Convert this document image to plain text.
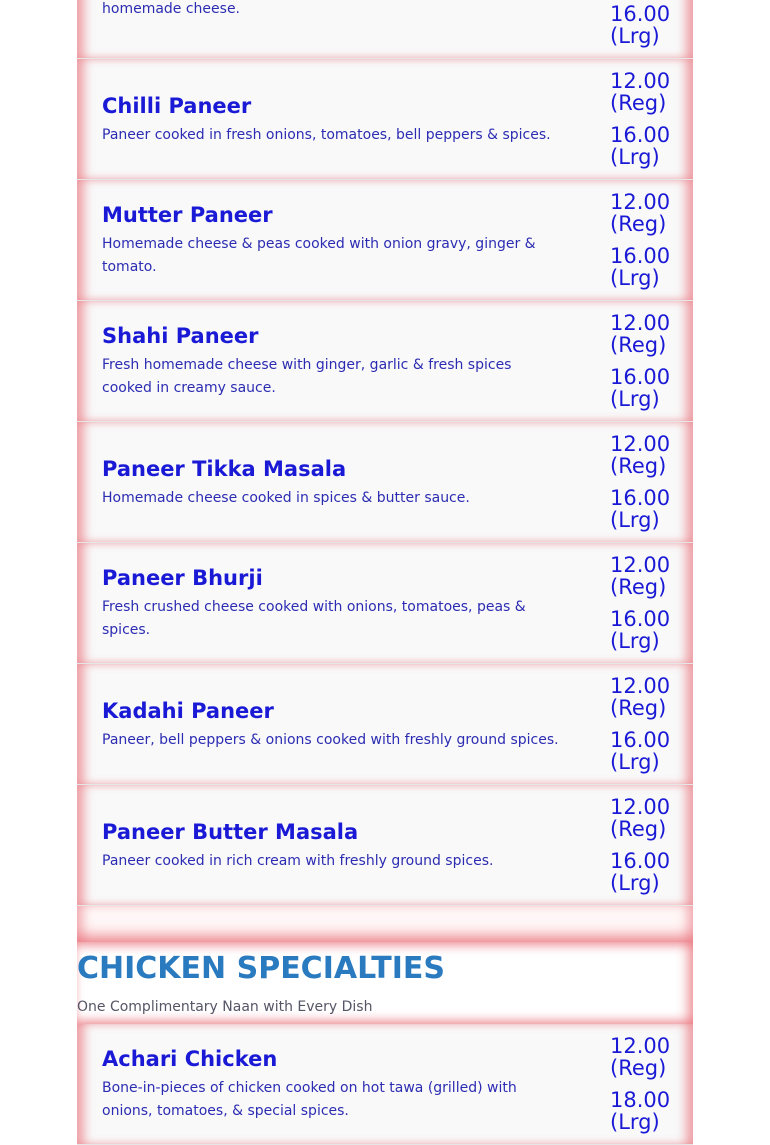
homemade cheese.	16.00 (Lrg)
Chilli Paneer

Paneer cooked in fresh onions, tomatoes, bell peppers & spices.

12.00 (Reg)
16.00 (Lrg)
Mutter Paneer

Homemade cheese & peas cooked with onion gravy, ginger & tomato.

12.00 (Reg)
16.00 (Lrg)
Shahi Paneer

Fresh homemade cheese with ginger, garlic & fresh spices cooked in creamy sauce.

12.00 (Reg)
16.00 (Lrg)
Paneer Tikka Masala

Homemade cheese cooked in spices & butter sauce.

12.00 (Reg)
16.00 (Lrg)
Paneer Bhurji

Fresh crushed cheese cooked with onions, tomatoes, peas & spices.

12.00 (Reg)
16.00 (Lrg)
Kadahi Paneer

Paneer, bell peppers & onions cooked with freshly ground spices.

12.00 (Reg)
16.00 (Lrg)
Paneer Butter Masala

Paneer cooked in rich cream with freshly ground spices.

12.00 (Reg)
16.00 (Lrg)
CHICKEN SPECIALTIES

One Complimentary Naan with Every Dish

Achari Chicken

Bone-in-pieces of chicken cooked on hot tawa (grilled) with onions, tomatoes, & special spices.

12.00 (Reg)
18.00 (Lrg)
